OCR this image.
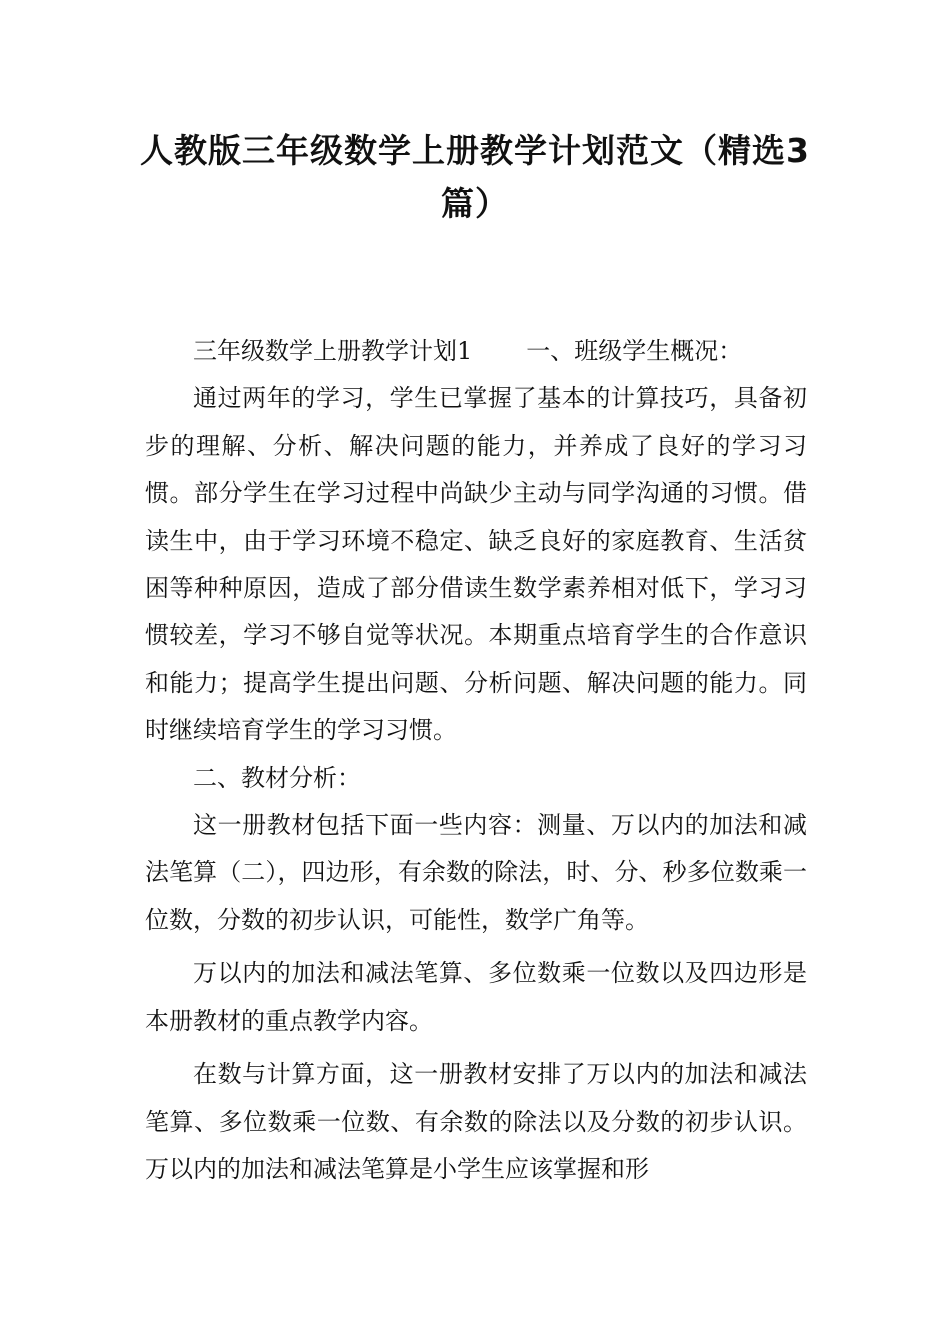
人教版三年级数学上册教学计划范文（精选3篇）

三年级数学上册教学计划1 一、班级学生概况：

通过两年的学习，学生已掌握了基本的计算技巧，具备初步的理解、分析、解决问题的能力，并养成了良好的学习习惯。部分学生在学习过程中尚缺少主动与同学沟通的习惯。借读生中，由于学习环境不稳定、缺乏良好的家庭教育、生活贫困等种种原因，造成了部分借读生数学素养相对低下，学习习惯较差，学习不够自觉等状况。本期重点培育学生的合作意识和能力；提高学生提出问题、分析问题、解决问题的能力。同时继续培育学生的学习习惯。

二、教材分析：

这一册教材包括下面一些内容：测量、万以内的加法和减法笔算（二），四边形，有余数的除法，时、分、秒多位数乘一位数，分数的初步认识，可能性，数学广角等。

万以内的加法和减法笔算、多位数乘一位数以及四边形是本册教材的重点教学内容。

在数与计算方面，这一册教材安排了万以内的加法和减法笔算、多位数乘一位数、有余数的除法以及分数的初步认识。万以内的加法和减法笔算是小学生应该掌握和形
